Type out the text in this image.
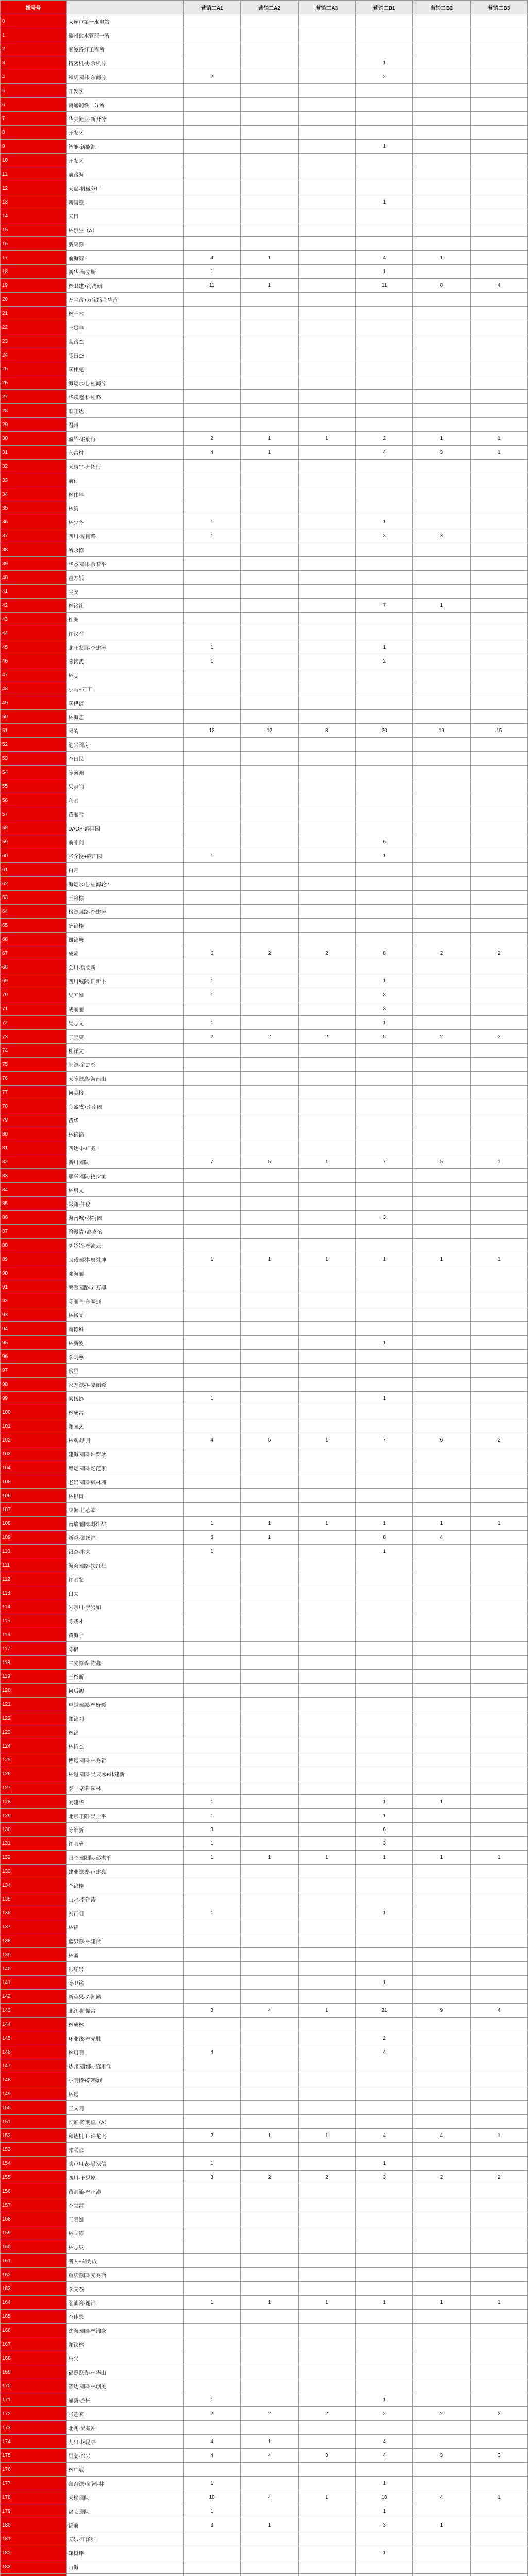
拨号号		营销二A1	营销二A2	营销二A3	营销二B1	营销二B2	营销二B3
0	大连市第一水电站						
1	徽州供水管理一所						
2	湘潭路灯工程所						
3	精密机械-余杭分				1		
4	和庆园林-东海分	2			2		
5	开发区						
6	南通钢铁二分所						
7	华美鞋业-新开分						
8	开发区						
9	智能-新能源				1		
10	开发区						
11	前路海						
12	天赐-机械分厂						
13	新康源				1		
14	天目						
15	林泉生（A）						
16	新康源						
17	前海湾	4	1		4	1	
18	新华-海文斯	1			1		
19	林卫建+海湾研	11	1		11	8	4
20	万宝路+万宝路金华营						
21	林千木						
22	王贯丰						
23	高路杰						
24	陈昌杰						
25	李伟克						
26	海运水电-桂海分						
27	华联超市-桂路						
28	顺旺达						
29	温州						
30	盈辉-钢筋行	2	1	1	2	1	1
31	永富村	4	1		4	3	1
32	天康生-开拓行						
33	前行						
34	林伟年						
35	林湾						
36	林少冬	1			1		
37	四川-湖南路	1			3	3	
38	所永德						
39	华杰园林-余着平						
40	童万纸						
41	宝安						
42	林铭社				7	1	
43	杜洲						
44	许汉军						
45	北旺发展-李建涛	1			1		
46	陈铭武	1			2		
47	林志						
48	小马+同工						
49	李伊蜜						
50	林海艺						
51	团的	13	12	8	20	19	15
52	港兴团房						
53	李日民						
54	陈演洲						
55	呆冠制						
56	利明						
57	黄丽雪						
58	DAOP-海口园						
59	前卧剑				6		
60	张介役+商厂园	1			1		
61	白月						
62	海运水电-桂海轮2						
63	王将棕						
64	格源回路-李建涛						
65	薛锦桂						
66	谢锦塘						
67	成赖	6	2	2	8	2	2
68	会川-蔡文新						
69	四川城际-刑新卜	1			1		
70	吴五如	1			3		
71	胡丽丽				3		
72	吴志文	1			1		
73	丁宝康	2	2	2	5	2	2
74	杜洋文						
75	胜源-余杰杉						
76	天陈源高-海南山						
77	何美格						
78	金盛威+南南园						
79	黄华						
80	林锦锦						
81	四达-林广鑫						
82	新川团队	7	5	1	7	5	1
83	那兴团队-挑少谊						
84	林启文						
85	影潇-仲仪						
86	海南城+林特园				3		
87	渝漫清+高嘉怡						
88	胡娇娇-林沛云						
89	固载园林-奥社坤	1	1	1	1	1	1
90	邓海丽						
91	鸿超园路-刘万柳						
92	陈丽兰-东家强						
93	林修棠						
94	商德科						
95	林新波				1		
96	李则慈						
97	蔡星						
98	家方源办-夏丽媛						
99	梁扬协	1			1		
100	林成富						
101	郑园艺						
102	林动-明月	4	5	1	7	6	2
103	建海园园-许罗珍						
104	粤运园园-忆范家						
105	老奶园园-枫林洲						
106	林银树						
107	康韩-桂心家						
108	南墙丽园域团队1	1	1	1	1	1	1
109	新季-张扬福	6	1		8	4	
110	银杏-朱来	1			1		
111	海湾园路-扶红栏						
112	许明发						
113	白大						
114	朱宗川-泉岩如						
115	陈戏才						
116	黄海宁						
117	陈侣						
118	三麦源香-陈鑫						
119	王杉斯						
120	何后初						
121	卓越园源-林好媛						
122	郑锦刚						
123	林锦						
124	林拓杰						
125	博远园园-林秀新						
126	林越园园-吴天冰+林建新						
127	泰丰-郭锦园林						
128	刘建华	1			1	1	
129	北京旺阳-吴士平	1			1		
130	陈维新	3			6		
131	许明萝	1			3		
132	归心园团队-彭洪平	1	1	1	1	1	1
133	建业源香-卢建亮						
134	李锦桂						
135	山水-李锦涛						
136	冯正阳	1			1		
137	林锦						
138	蓝男源-林建赏						
139	林斋						
140	洪红岩						
141	陈卫铭				1		
142	新英果-刘潮鳍						
143	北红-陆振富	3	4	1	21	9	4
144	林成林						
145	环业线-林光胜				2		
146	林启明	4			4		
147	达邦园团队-陈里洋						
148	小明特+郭锦涵						
149	林远						
150	王文明						
151	长虹-陈明煌（A）						
152	和达机工-许龙飞	2	1	1	4	4	1
153	郭联家						
154	韵卢用表-吴家信	1			1		
155	四川-王思原	3	2	2	3	2	2
156	黄洞涌-林正沛						
157	李文霍						
158	王明如						
159	林立涛						
160	林志辰						
161	凯人+刘秀成						
162	重庆源园-元秀西						
163	李文杰						
164	潮汕湾-谢锦	1	1	1	1	1	1
165	李佳景						
166	沈海园园-林锦豪						
167	郑铁林						
168	唐兴						
169	福源源香-林华山						
170	智达园园-林创美						
171	鼎新-胜彬	1			1		
172	张艺家	2	2	2	2	2	2
173	北兆-吴鑫冲						
174	九出-林昆平	4	1		4		
175	星潮-兴兴	4	4	3	4	3	3
176	林广斌						
177	鑫泰源+新潮-林	1			1		
178	天松团队	10	4	1	10	4	1
179	福临团队	1			1		
180	锦前	3	1		3	1	
181	天乐-江泽维						
182	郑树坪				1		
183	山海						
